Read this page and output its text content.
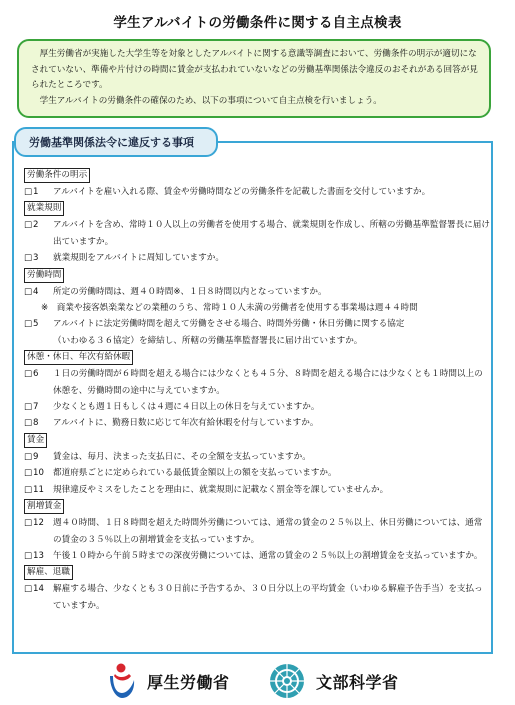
学生アルバイトの労働条件に関する自主点検表

厚生労働省が実施した大学生等を対象としたアルバイトに関する意識等調査において、労働条件の明示が適切になされていない、準備や片付けの時間に賃金が支払われていないなどの労働基準関係法令違反のおそれがある回答が見られたところです。

学生アルバイトの労働条件の確保のため、以下の事項について自主点検を行いましょう。

労働基準関係法令に違反する事項
労働条件の明示
□ 1	アルバイトを雇い入れる際、賃金や労働時間などの労働条件を記載した書面を交付していますか。
就業規則
□ 2	アルバイトを含め、常時１０人以上の労働者を使用する場合、就業規則を作成し、所轄の労働基準監督署長に届け出ていますか。
□ 3	就業規則をアルバイトに周知していますか。
労働時間
□ 4	所定の労働時間は、週４０時間※、１日８時間以内となっていますか。
※　商業や接客娯楽業などの業種のうち、常時１０人未満の労働者を使用する事業場は週４４時間
□ 5	アルバイトに法定労働時間を超えて労働をさせる場合、時間外労働・休日労働に関する協定
（いわゆる３６協定）を締結し、所轄の労働基準監督署長に届け出ていますか。
休憩・休日、年次有給休暇
□ 6	１日の労働時間が６時間を超える場合には少なくとも４５分、８時間を超える場合には少なくとも１時間以上の休憩を、労働時間の途中に与えていますか。
□ 7	少なくとも週１日もしくは４週に４日以上の休日を与えていますか。
□ 8	アルバイトに、勤務日数に応じて年次有給休暇を付与していますか。
賃金
□ 9	賃金は、毎月、決まった支払日に、その全額を支払っていますか。
□ 10	都道府県ごとに定められている最低賃金額以上の額を支払っていますか。
□ 11	規律違反やミスをしたことを理由に、就業規則に記載なく罰金等を課していませんか。
割増賃金
□ 12	週４０時間、１日８時間を超えた時間外労働については、通常の賃金の２５％以上、休日労働については、通常の賃金の３５％以上の割増賃金を支払っていますか。
□ 13	午後１０時から午前５時までの深夜労働については、通常の賃金の２５％以上の割増賃金を支払っていますか。
解雇、退職
□ 14	解雇する場合、少なくとも３０日前に予告するか、３０日分以上の平均賃金（いわゆる解雇予告手当）を支払っていますか。
厚生労働省	文部科学省
